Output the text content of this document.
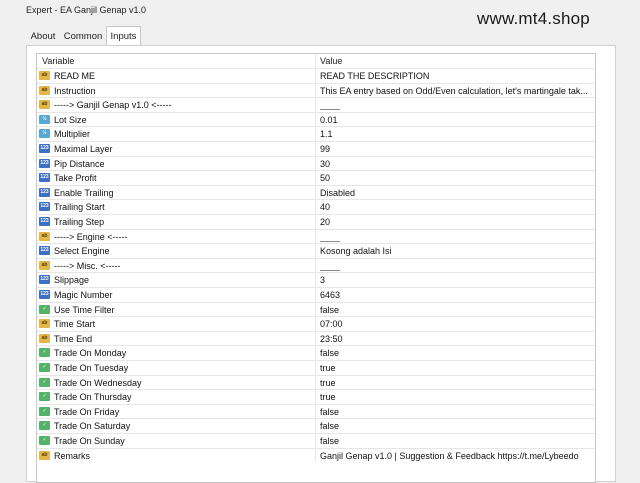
Expert - EA Ganjil Genap v1.0	www.mt4.shop
About Common Inputs
Variable	Value
ab READ ME	READ THE DESCRIPTION
ab Instruction	This EA entry based on Odd/Even calculation, let's martingale tak...
ab -----> Ganjil Genap v1.0 <-----	____
½ Lot Size	0.01
½ Multiplier	1.1
123 Maximal Layer	99
123 Pip Distance	30
123 Take Profit	50
123 Enable Trailing	Disabled
123 Trailing Start	40
123 Trailing Step	20
ab -----> Engine <-----	____
123 Select Engine	Kosong adalah Isi
ab -----> Misc. <-----	____
123 Slippage	3
123 Magic Number	6463
✓ Use Time Filter	false
ab Time Start	07:00
ab Time End	23:50
✓ Trade On Monday	false
✓ Trade On Tuesday	true
✓ Trade On Wednesday	true
✓ Trade On Thursday	true
✓ Trade On Friday	false
✓ Trade On Saturday	false
✓ Trade On Sunday	false
ab Remarks	Ganjil Genap v1.0 | Suggestion & Feedback https://t.me/Lybeedo
